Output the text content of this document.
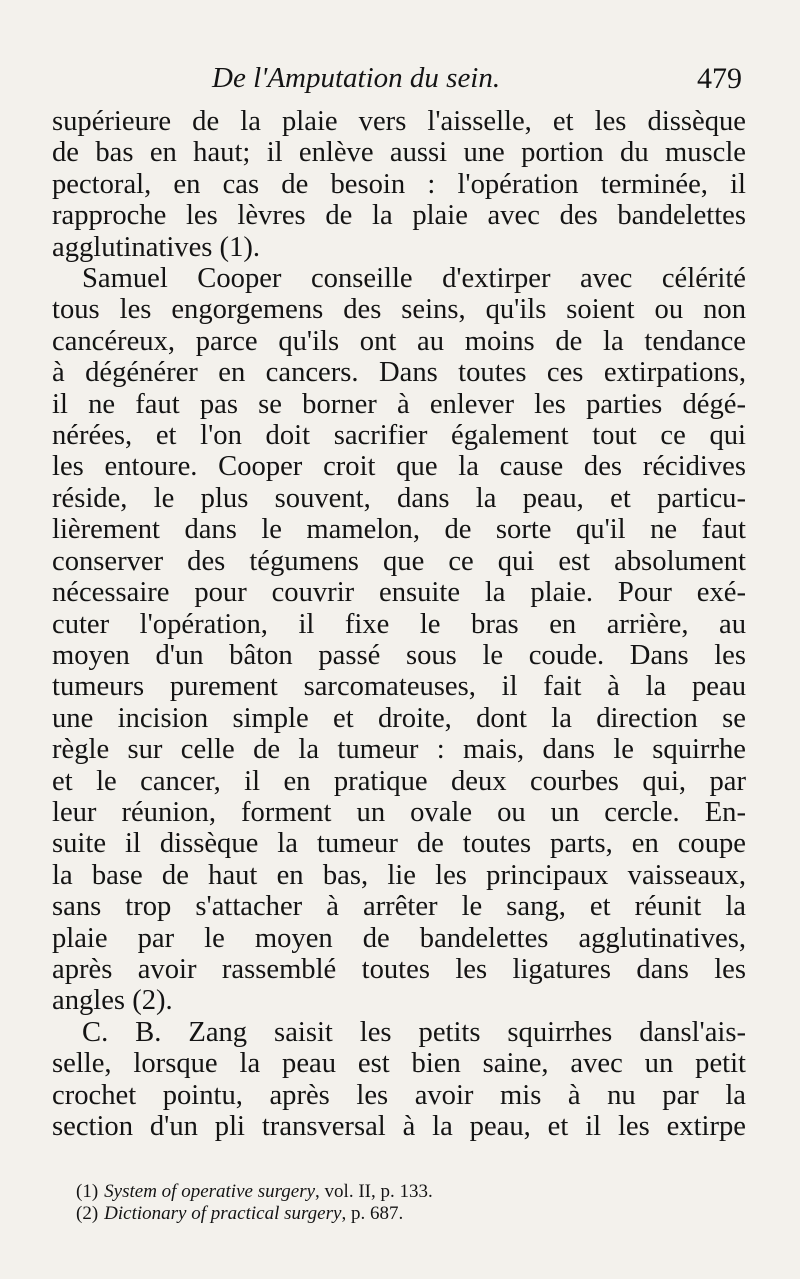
De l'Amputation du sein.	479
supérieure de la plaie vers l'aisselle, et les dissèque
de bas en haut; il enlève aussi une portion du muscle
pectoral, en cas de besoin : l'opération terminée, il
rapproche les lèvres de la plaie avec des bandelettes
agglutinatives (1).
Samuel Cooper conseille d'extirper avec célérité
tous les engorgemens des seins, qu'ils soient ou non
cancéreux, parce qu'ils ont au moins de la tendance
à dégénérer en cancers. Dans toutes ces extirpations,
il ne faut pas se borner à enlever les parties dégé-
nérées, et l'on doit sacrifier également tout ce qui
les entoure. Cooper croit que la cause des récidives
réside, le plus souvent, dans la peau, et particu-
lièrement dans le mamelon, de sorte qu'il ne faut
conserver des tégumens que ce qui est absolument
nécessaire pour couvrir ensuite la plaie. Pour exé-
cuter l'opération, il fixe le bras en arrière, au
moyen d'un bâton passé sous le coude. Dans les
tumeurs purement sarcomateuses, il fait à la peau
une incision simple et droite, dont la direction se
règle sur celle de la tumeur : mais, dans le squirrhe
et le cancer, il en pratique deux courbes qui, par
leur réunion, forment un ovale ou un cercle. En-
suite il dissèque la tumeur de toutes parts, en coupe
la base de haut en bas, lie les principaux vaisseaux,
sans trop s'attacher à arrêter le sang, et réunit la
plaie par le moyen de bandelettes agglutinatives,
après avoir rassemblé toutes les ligatures dans les
angles (2).
C. B. Zang saisit les petits squirrhes dansl'ais-
selle, lorsque la peau est bien saine, avec un petit
crochet pointu, après les avoir mis à nu par la
section d'un pli transversal à la peau, et il les extirpe
(1) System of operative surgery, vol. II, p. 133.
(2) Dictionary of practical surgery, p. 687.
